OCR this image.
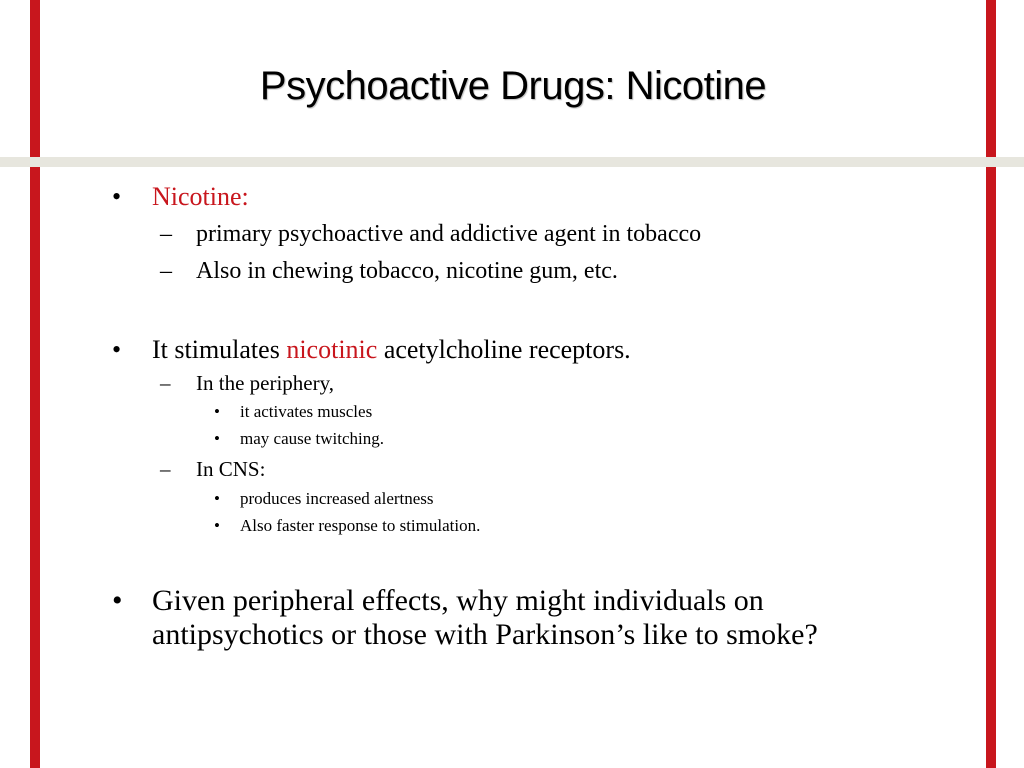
Psychoactive Drugs: Nicotine
• Nicotine:
– primary psychoactive and addictive agent in tobacco
– Also in chewing tobacco, nicotine gum, etc.
• It stimulates nicotinic acetylcholine receptors.
– In the periphery,
• it activates muscles
• may cause twitching.
– In CNS:
• produces increased alertness
• Also faster response to stimulation.
• Given peripheral effects, why might individuals on
antipsychotics or those with Parkinson’s like to smoke?
